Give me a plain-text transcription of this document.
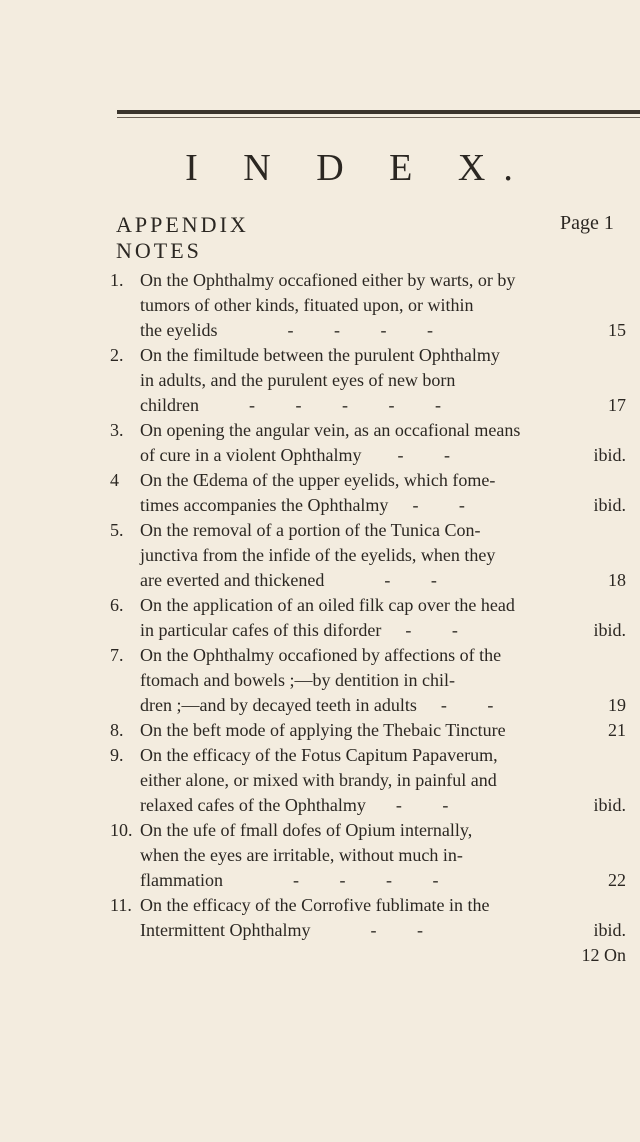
I N D E X.
APPENDIX	Page 1
NOTES
1. On the Ophthalmy occafioned either by warts, or by
tumors of other kinds, fituated upon, or within
the eyelids	- - - -	15
2. On the fimiltude between the purulent Ophthalmy
in adults, and the purulent eyes of new born
children	- - - - -	17
3. On opening the angular vein, as an occafional means
of cure in a violent Ophthalmy - -	ibid.
4	On the Œdema of the upper eyelids, which fome-
times accompanies the Ophthalmy - -	ibid.
5. On the removal of a portion of the Tunica Con-
junctiva from the infide of the eyelids, when they
are everted and thickened	- -	18
6. On the application of an oiled filk cap over the head
in particular cafes of this diforder - -	ibid.
7. On the Ophthalmy occafioned by affections of the
ftomach and bowels ;—by dentition in chil-
dren ;—and by decayed teeth in adults - -	19
8. On the beft mode of applying the Thebaic Tincture	21
9. On the efficacy of the Fotus Capitum Papaverum,
either alone, or mixed with brandy, in painful and
relaxed cafes of the Ophthalmy - -	ibid.
10. On the ufe of fmall dofes of Opium internally,
when the eyes are irritable, without much in-
flammation	- - - -	22
11. On the efficacy of the Corrofive fublimate in the
Intermittent Ophthalmy	- -	ibid.
12 On
